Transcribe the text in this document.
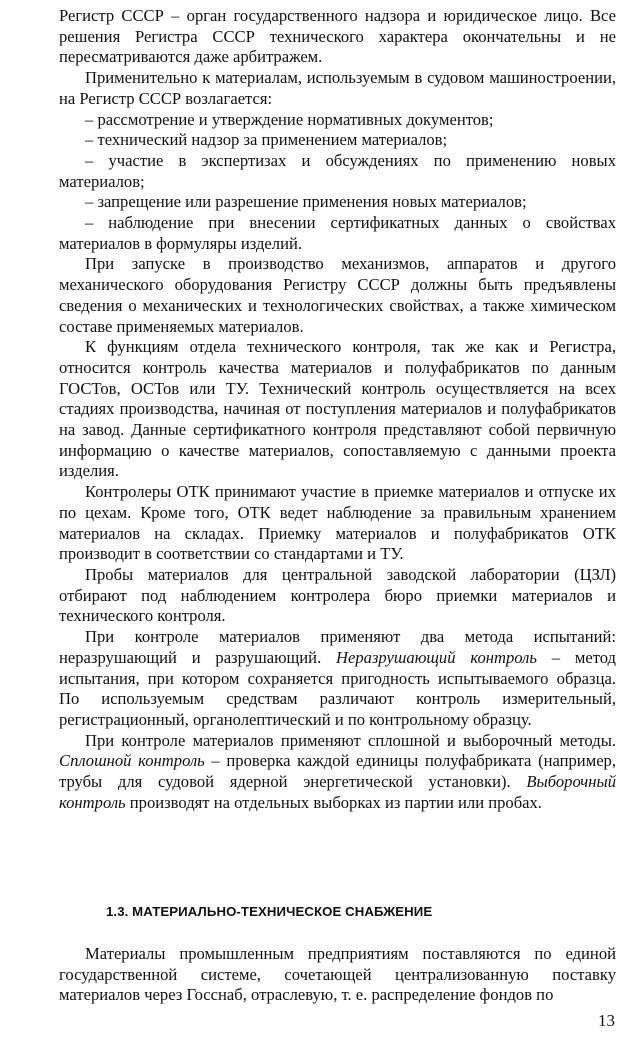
Регистр СССР – орган государственного надзора и юридическое лицо. Все решения Регистра СССР технического характера окончательны и не пересматриваются даже арбитражем.

Применительно к материалам, используемым в судовом машиностроении, на Регистр СССР возлагается:

– рассмотрение и утверждение нормативных документов;

– технический надзор за применением материалов;

– участие в экспертизах и обсуждениях по применению новых материалов;

– запрещение или разрешение применения новых материалов;

– наблюдение при внесении сертификатных данных о свойствах материалов в формуляры изделий.

При запуске в производство механизмов, аппаратов и другого механического оборудования Регистру СССР должны быть предъявлены сведения о механических и технологических свойствах, а также химическом составе применяемых материалов.

К функциям отдела технического контроля, так же как и Регистра, относится контроль качества материалов и полуфабрикатов по данным ГОСТов, ОСТов или ТУ. Технический контроль осуществляется на всех стадиях производства, начиная от поступления материалов и полуфабрикатов на завод. Данные сертификатного контроля представляют собой первичную информацию о качестве материалов, сопоставляемую с данными проекта изделия.

Контролеры ОТК принимают участие в приемке материалов и отпуске их по цехам. Кроме того, ОТК ведет наблюдение за правильным хранением материалов на складах. Приемку материалов и полуфабрикатов ОТК производит в соответствии со стандартами и ТУ.

Пробы материалов для центральной заводской лаборатории (ЦЗЛ) отбирают под наблюдением контролера бюро приемки материалов и технического контроля.

При контроле материалов применяют два метода испытаний: неразрушающий и разрушающий. Неразрушающий контроль – метод испытания, при котором сохраняется пригодность испытываемого образца. По используемым средствам различают контроль измерительный, регистрационный, органолептический и по контрольному образцу.

При контроле материалов применяют сплошной и выборочный методы. Сплошной контроль – проверка каждой единицы полуфабриката (например, трубы для судовой ядерной энергетической установки). Выборочный контроль производят на отдельных выборках из партии или пробах.

1.3. МАТЕРИАЛЬНО-ТЕХНИЧЕСКОЕ СНАБЖЕНИЕ

Материалы промышленным предприятиям поставляются по единой государственной системе, сочетающей централизованную поставку материалов через Госснаб, отраслевую, т. е. распределение фондов по

13
